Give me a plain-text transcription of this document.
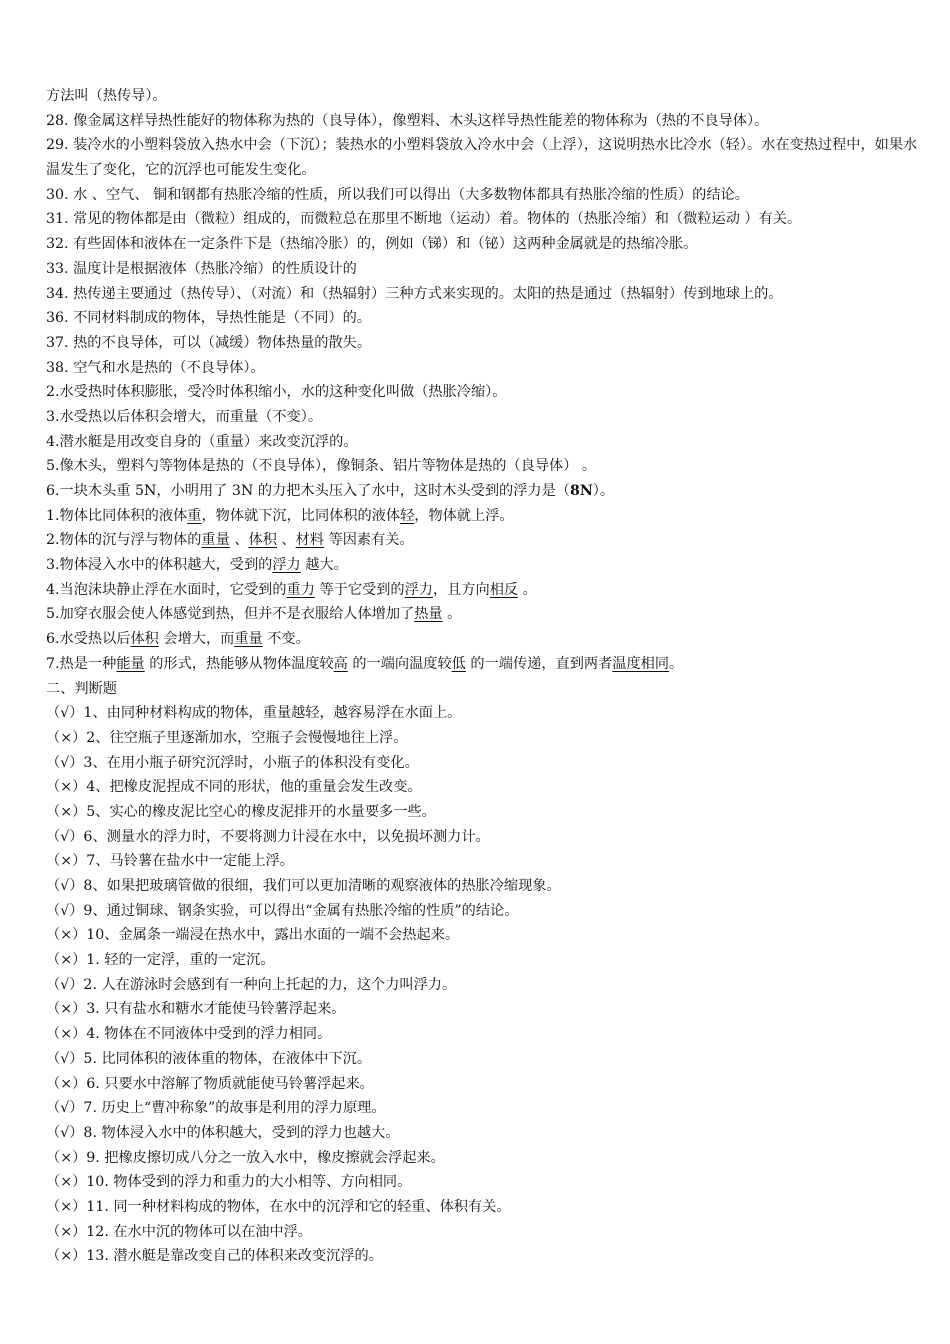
方法叫（热传导）。
28. 像金属这样导热性能好的物体称为热的（良导体），像塑料、木头这样导热性能差的物体称为（热的不良导体）。
29. 装冷水的小塑料袋放入热水中会（下沉）；装热水的小塑料袋放入冷水中会（上浮），这说明热水比冷水（轻）。水在变热过程中，如果水温发生了变化，它的沉浮也可能发生变化。
30. 水 、空气、 铜和钢都有热胀冷缩的性质，所以我们可以得出（大多数物体都具有热胀冷缩的性质）的结论。
31. 常见的物体都是由（微粒）组成的，而微粒总在那里不断地（运动）着。物体的（热胀冷缩）和（微粒运动 ）有关。
32. 有些固体和液体在一定条件下是（热缩冷胀）的，例如（锑）和（铋）这两种金属就是的热缩冷胀。
33. 温度计是根据液体（热胀冷缩）的性质设计的
34. 热传递主要通过（热传导）、（对流）和（热辐射）三种方式来实现的。太阳的热是通过（热辐射）传到地球上的。
36. 不同材料制成的物体，导热性能是（不同）的。
37. 热的不良导体，可以（减缓）物体热量的散失。
38. 空气和水是热的（不良导体）。
2.水受热时体积膨胀，受冷时体积缩小，水的这种变化叫做（热胀冷缩）。
3.水受热以后体积会增大，而重量（不变）。
4.潜水艇是用改变自身的（重量）来改变沉浮的。
5.像木头，塑料勺等物体是热的（不良导体），像铜条、铝片等物体是热的（良导体） 。
6.一块木头重 5N，小明用了 3N 的力把木头压入了水中，这时木头受到的浮力是（8N）。
1.物体比同体积的液体重，物体就下沉，比同体积的液体轻，物体就上浮。
2.物体的沉与浮与物体的重量 、体积 、材料 等因素有关。
3.物体浸入水中的体积越大，受到的浮力 越大。
4.当泡沫块静止浮在水面时，它受到的重力 等于它受到的浮力，且方向相反 。
5.加穿衣服会使人体感觉到热，但并不是衣服给人体增加了热量 。
6.水受热以后体积 会增大，而重量 不变。
7.热是一种能量 的形式，热能够从物体温度较高 的一端向温度较低 的一端传递，直到两者温度相同。
二、判断题
（√）1、由同种材料构成的物体，重量越轻，越容易浮在水面上。
（×）2、往空瓶子里逐渐加水，空瓶子会慢慢地往上浮。
（√）3、在用小瓶子研究沉浮时，小瓶子的体积没有变化。
（×）4、把橡皮泥捏成不同的形状，他的重量会发生改变。
（×）5、实心的橡皮泥比空心的橡皮泥排开的水量要多一些。
（√）6、测量水的浮力时，不要将测力计浸在水中，以免损坏测力计。
（×）7、马铃薯在盐水中一定能上浮。
（√）8、如果把玻璃管做的很细，我们可以更加清晰的观察液体的热胀冷缩现象。
（√）9、通过铜球、钢条实验，可以得出“金属有热胀冷缩的性质”的结论。
（×）10、金属条一端浸在热水中，露出水面的一端不会热起来。
（×）1. 轻的一定浮，重的一定沉。
（√）2. 人在游泳时会感到有一种向上托起的力，这个力叫浮力。
（×）3. 只有盐水和糖水才能使马铃薯浮起来。
（×）4. 物体在不同液体中受到的浮力相同。
（√）5. 比同体积的液体重的物体，在液体中下沉。
（×）6. 只要水中溶解了物质就能使马铃薯浮起来。
（√）7. 历史上“曹冲称象”的故事是利用的浮力原理。
（√）8. 物体浸入水中的体积越大，受到的浮力也越大。
（×）9. 把橡皮擦切成八分之一放入水中，橡皮擦就会浮起来。
（×）10. 物体受到的浮力和重力的大小相等、方向相同。
（×）11. 同一种材料构成的物体，在水中的沉浮和它的轻重、体积有关。
（×）12. 在水中沉的物体可以在油中浮。
（×）13. 潜水艇是靠改变自己的体积来改变沉浮的。
